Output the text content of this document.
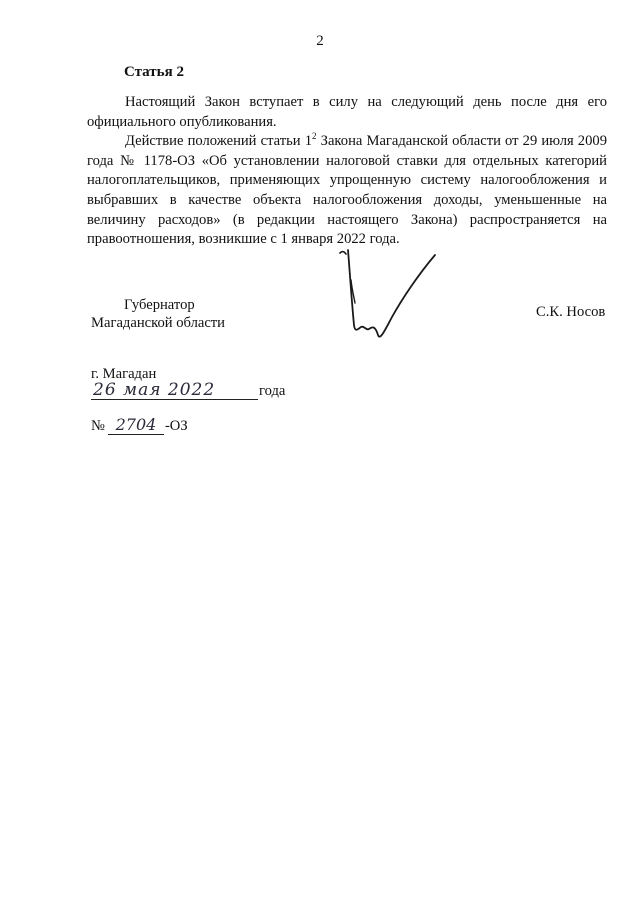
2
Статья 2

Настоящий Закон вступает в силу на следующий день после дня его официального опубликования.

Действие положений статьи $1^2$ Закона Магаданской области от 29 июля 2009 года № 1178-ОЗ «Об установлении налоговой ставки для отдельных категорий налогоплательщиков, применяющих упрощенную систему налогообложения и выбравших в качестве объекта налогообложения доходы, уменьшенные на величину расходов» (в редакции настоящего Закона) распространяется на правоотношения, возникшие с 1 января 2022 года.

Губернатор
Магаданской области
С.К. Носов
г. Магадан
26 мая 2022	года
№ 2704 -ОЗ
